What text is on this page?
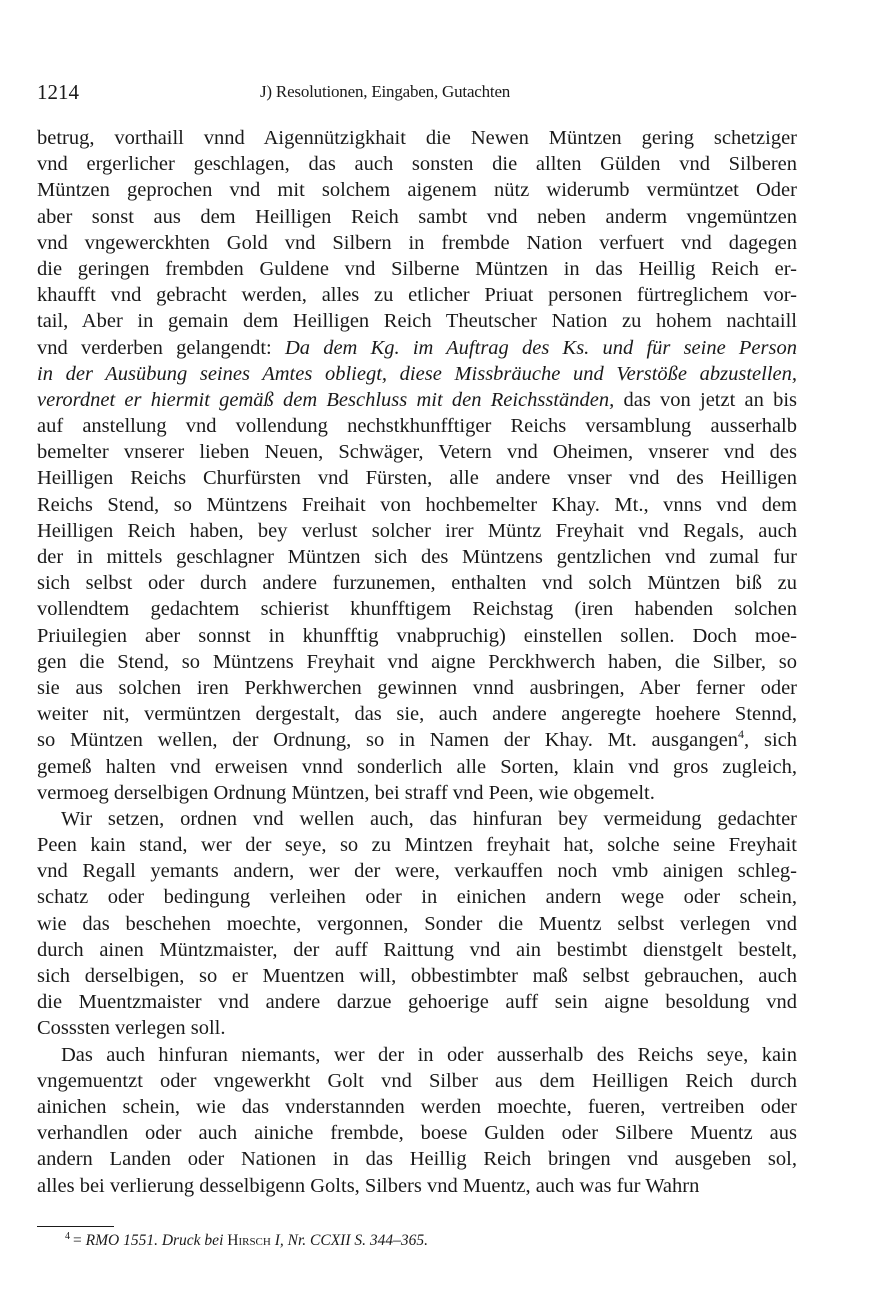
1214	J) Resolutionen, Eingaben, Gutachten
betrug, vorthaill vnnd Aigennützigkhait die Newen Müntzen gering schetziger
vnd ergerlicher geschlagen, das auch sonsten die allten Gülden vnd Silberen
Müntzen geprochen vnd mit solchem aigenem nütz widerumb vermüntzet Oder
aber sonst aus dem Heilligen Reich sambt vnd neben anderm vngemüntzen
vnd vngewerckhten Gold vnd Silbern in frembde Nation verfuert vnd dagegen
die geringen frembden Guldene vnd Silberne Müntzen in das Heillig Reich er-
khaufft vnd gebracht werden, alles zu etlicher Priuat personen fürtreglichem vor-
tail, Aber in gemain dem Heilligen Reich Theutscher Nation zu hohem nachtaill
vnd verderben gelangendt: Da dem Kg. im Auftrag des Ks. und für seine Person
in der Ausübung seines Amtes obliegt, diese Missbräuche und Verstöße abzustellen,
verordnet er hiermit gemäß dem Beschluss mit den Reichsständen, das von jetzt an bis
auf anstellung vnd vollendung nechstkhunfftiger Reichs versamblung ausserhalb
bemelter vnserer lieben Neuen, Schwäger, Vetern vnd Oheimen, vnserer vnd des
Heilligen Reichs Churfürsten vnd Fürsten, alle andere vnser vnd des Heilligen
Reichs Stend, so Müntzens Freihait von hochbemelter Khay. Mt., vnns vnd dem
Heilligen Reich haben, bey verlust solcher irer Müntz Freyhait vnd Regals, auch
der in mittels geschlagner Müntzen sich des Müntzens gentzlichen vnd zumal fur
sich selbst oder durch andere furzunemen, enthalten vnd solch Müntzen biß zu
vollendtem gedachtem schierist khunfftigem Reichstag (iren habenden solchen
Priuilegien aber sonnst in khunfftig vnabpruchig) einstellen sollen. Doch moe-
gen die Stend, so Müntzens Freyhait vnd aigne Perckhwerch haben, die Silber, so
sie aus solchen iren Perkhwerchen gewinnen vnnd ausbringen, Aber ferner oder
weiter nit, vermüntzen dergestalt, das sie, auch andere angeregte hoehere Stennd,
so Müntzen wellen, der Ordnung, so in Namen der Khay. Mt. ausgangen$^4$, sich
gemeß halten vnd erweisen vnnd sonderlich alle Sorten, klain vnd gros zugleich,
vermoeg derselbigen Ordnung Müntzen, bei straff vnd Peen, wie obgemelt.
Wir setzen, ordnen vnd wellen auch, das hinfuran bey vermeidung gedachter
Peen kain stand, wer der seye, so zu Mintzen freyhait hat, solche seine Freyhait
vnd Regall yemants andern, wer der were, verkauffen noch vmb ainigen schleg-
schatz oder bedingung verleihen oder in einichen andern wege oder schein,
wie das beschehen moechte, vergonnen, Sonder die Muentz selbst verlegen vnd
durch ainen Müntzmaister, der auff Raittung vnd ain bestimbt dienstgelt bestelt,
sich derselbigen, so er Muentzen will, obbestimbter maß selbst gebrauchen, auch
die Muentzmaister vnd andere darzue gehoerige auff sein aigne besoldung vnd
Cosssten verlegen soll.
Das auch hinfuran niemants, wer der in oder ausserhalb des Reichs seye, kain
vngemuentzt oder vngewerkht Golt vnd Silber aus dem Heilligen Reich durch
ainichen schein, wie das vnderstannden werden moechte, fueren, vertreiben oder
verhandlen oder auch ainiche frembde, boese Gulden oder Silbere Muentz aus
andern Landen oder Nationen in das Heillig Reich bringen vnd ausgeben sol,
alles bei verlierung desselbigenn Golts, Silbers vnd Muentz, auch was fur Wahrn
$^4$ = RMO 1551. Druck bei Hirsch I, Nr. CCXII S. 344–365.
